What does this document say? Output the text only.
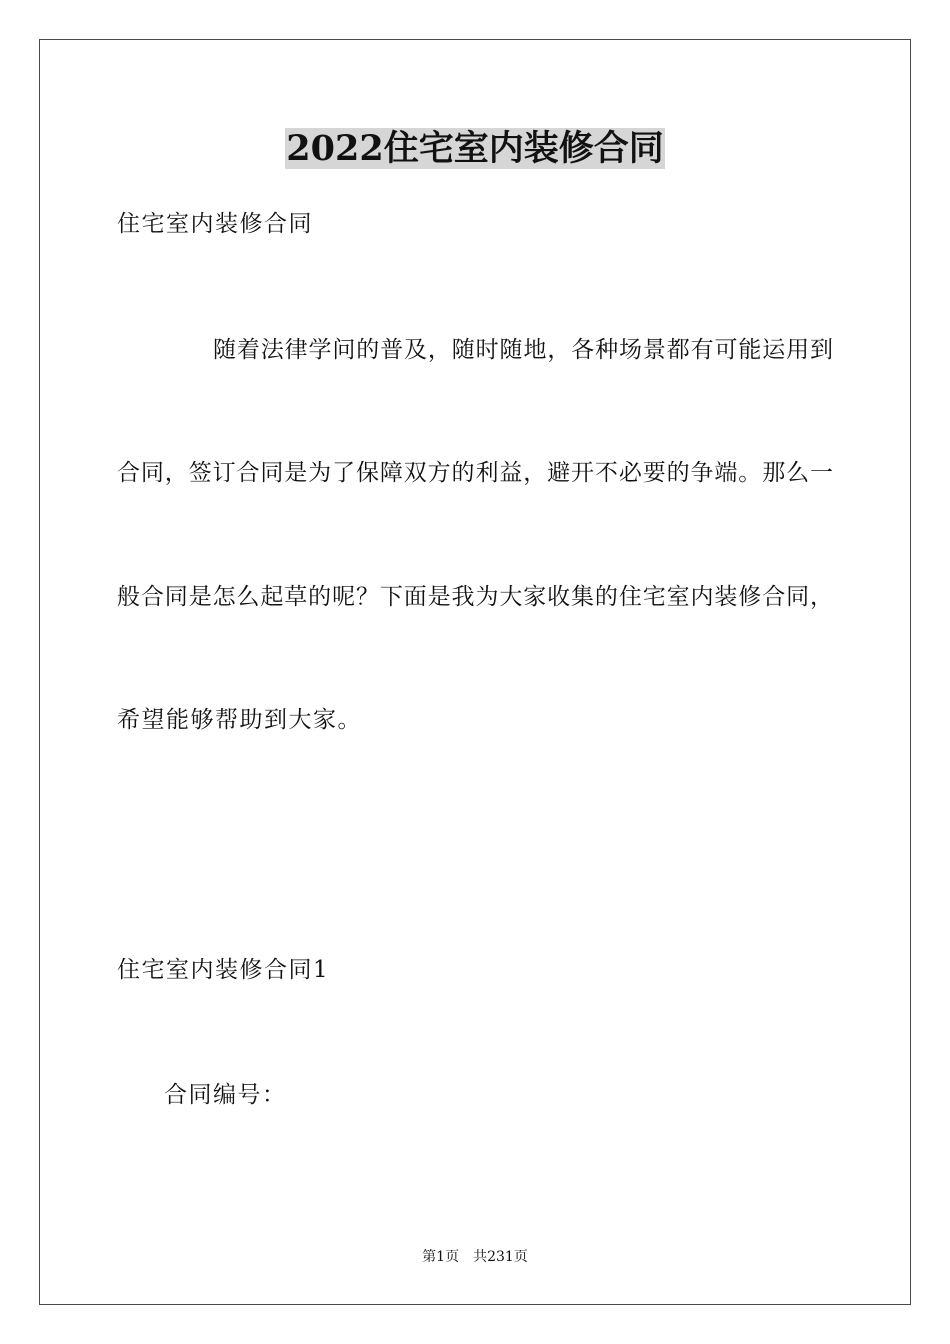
2022住宅室内装修合同
住宅室内装修合同
随着法律学问的普及，随时随地，各种场景都有可能运用到
合同，签订合同是为了保障双方的利益，避开不必要的争端。那么一
般合同是怎么起草的呢？下面是我为大家收集的住宅室内装修合同，
希望能够帮助到大家。
住宅室内装修合同1
合同编号：
第1页 共231页
